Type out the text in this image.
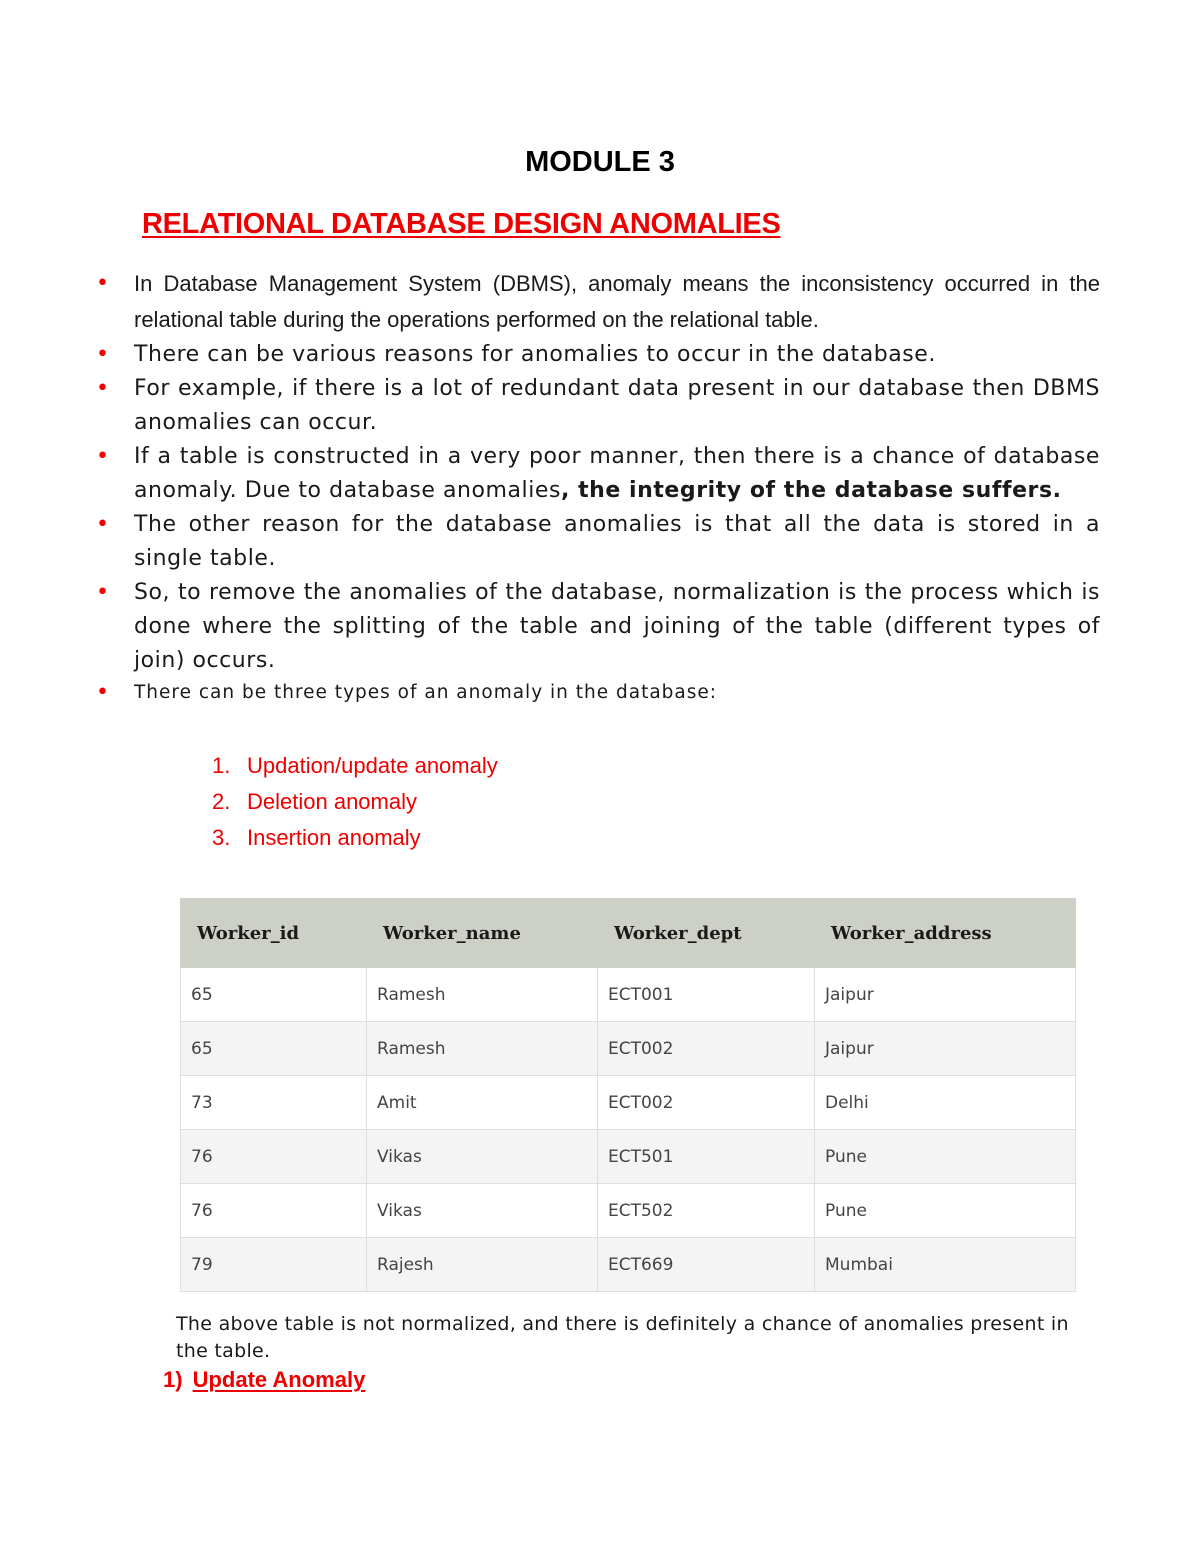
MODULE 3
RELATIONAL DATABASE DESIGN ANOMALIES
• In Database Management System (DBMS), anomaly means the inconsistency occurred in the relational table during the operations performed on the relational table.
• There can be various reasons for anomalies to occur in the database.
• For example, if there is a lot of redundant data present in our database then DBMS anomalies can occur.
• If a table is constructed in a very poor manner, then there is a chance of database anomaly. Due to database anomalies, the integrity of the database suffers.
• The other reason for the database anomalies is that all the data is stored in a single table.
• So, to remove the anomalies of the database, normalization is the process which is done where the splitting of the table and joining of the table (different types of join) occurs.
• There can be three types of an anomaly in the database:
1. Updation/update anomaly
2. Deletion anomaly
3. Insertion anomaly
Worker_id	Worker_name	Worker_dept	Worker_address
65	Ramesh	ECT001	Jaipur
65	Ramesh	ECT002	Jaipur
73	Amit	ECT002	Delhi
76	Vikas	ECT501	Pune
76	Vikas	ECT502	Pune
79	Rajesh	ECT669	Mumbai

The above table is not normalized, and there is definitely a chance of anomalies present in the table.

1) Update Anomaly
